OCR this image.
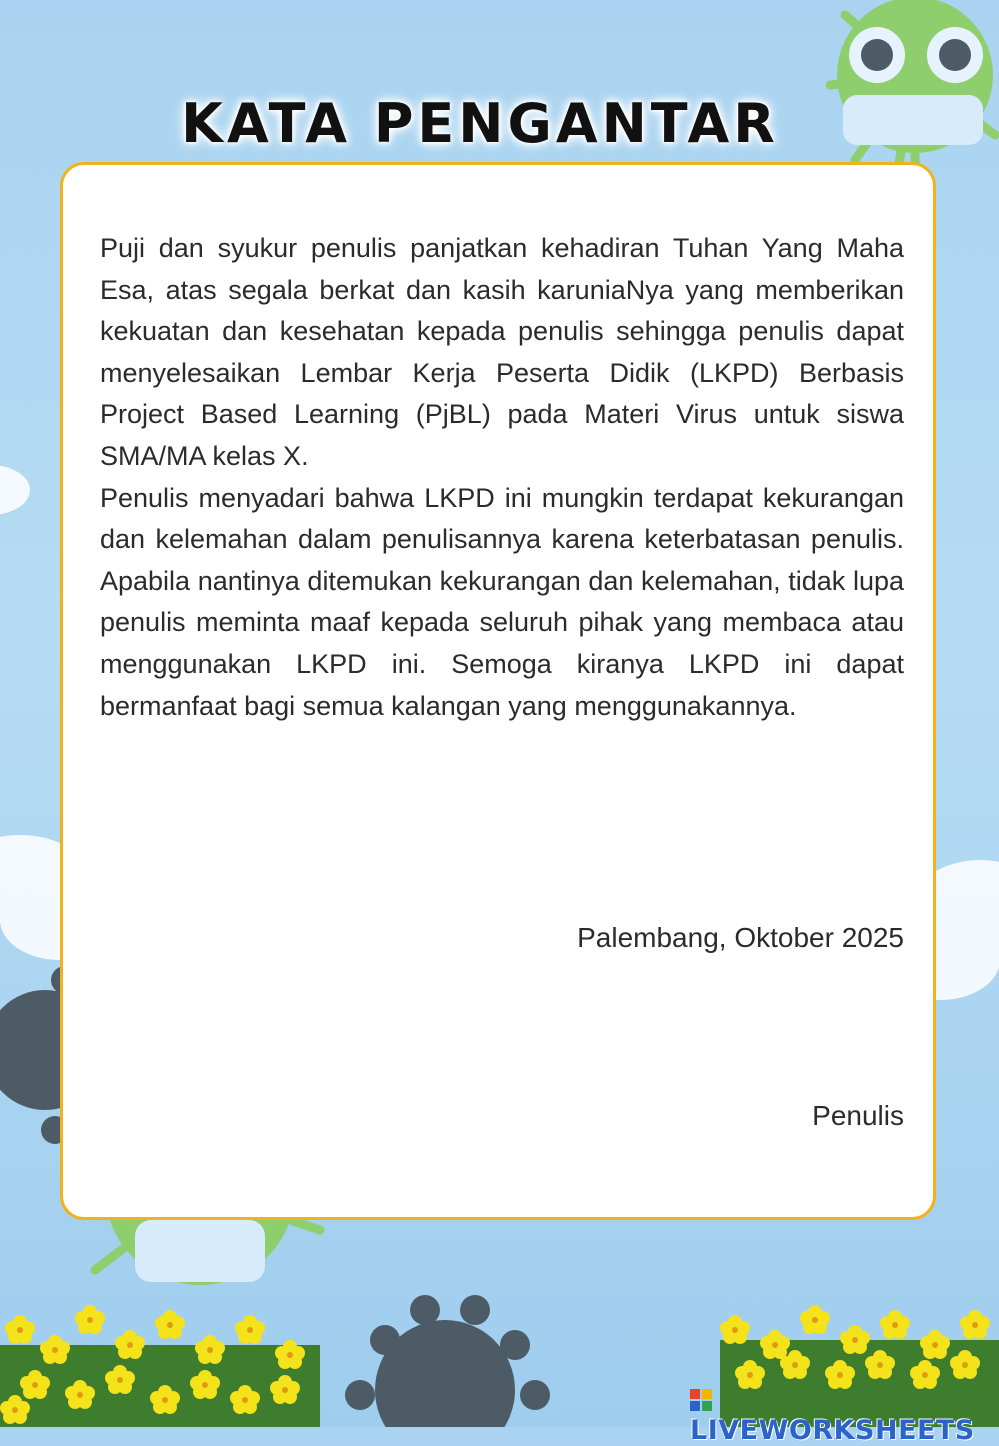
KATA PENGANTAR

Puji dan syukur penulis panjatkan kehadiran Tuhan Yang Maha Esa, atas segala berkat dan kasih karuniaNya yang memberikan kekuatan dan kesehatan kepada penulis sehingga penulis dapat menyelesaikan Lembar Kerja Peserta Didik (LKPD) Berbasis Project Based Learning (PjBL) pada Materi Virus untuk siswa SMA/MA kelas X.

Penulis menyadari bahwa LKPD ini mungkin terdapat kekurangan dan kelemahan dalam penulisannya karena keterbatasan penulis. Apabila nantinya ditemukan kekurangan dan kelemahan, tidak lupa penulis meminta maaf kepada seluruh pihak yang membaca atau menggunakan LKPD ini. Semoga kiranya LKPD ini dapat bermanfaat bagi semua kalangan yang menggunakannya.

Palembang, Oktober 2025
Penulis
LIVEWORKSHEETS
